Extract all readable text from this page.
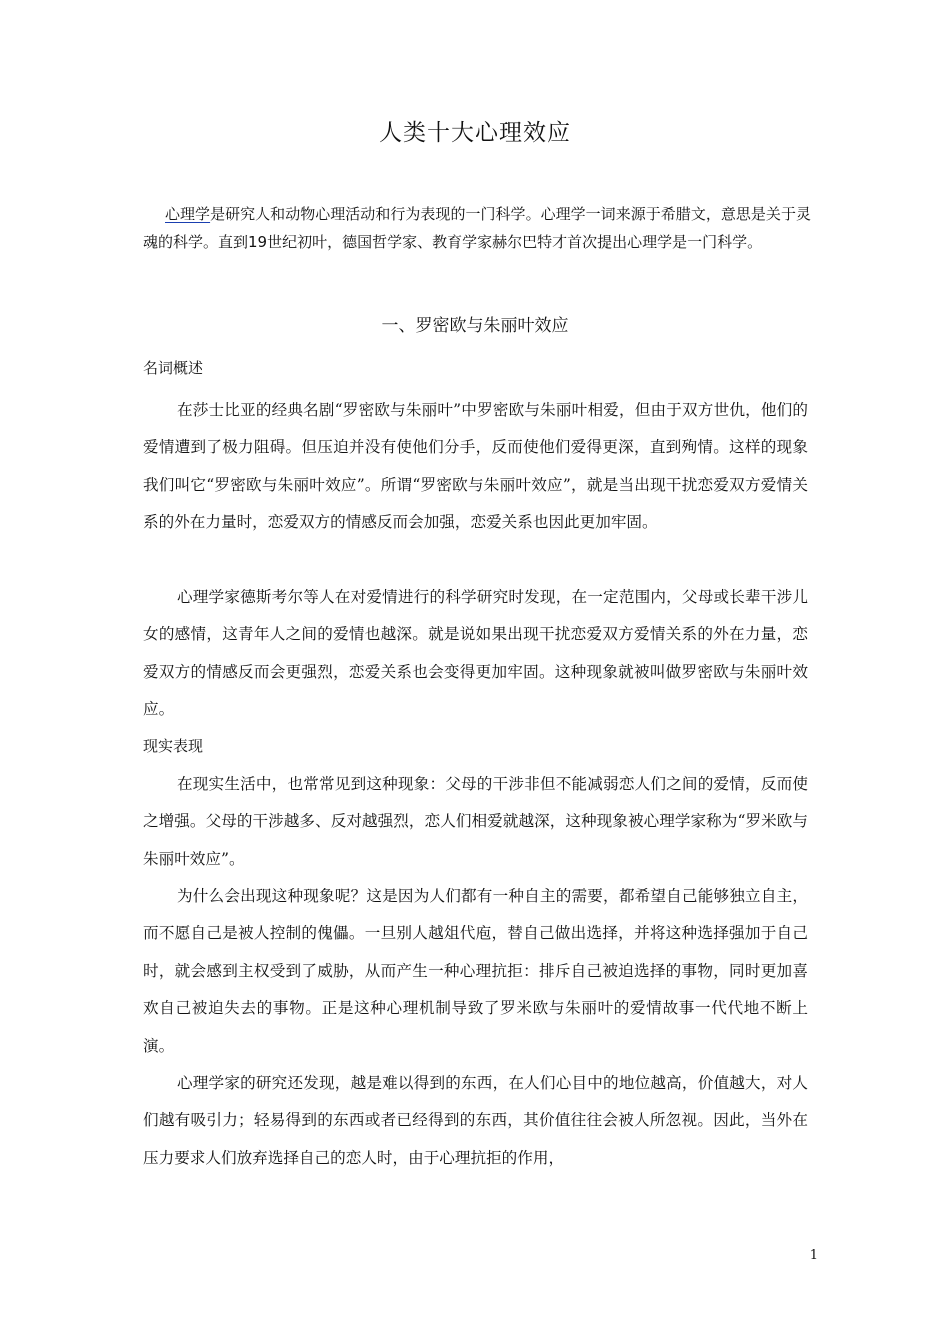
人类十大心理效应
心理学是研究人和动物心理活动和行为表现的一门科学。心理学一词来源于希腊文，意思是关于灵魂的科学。直到19世纪初叶，德国哲学家、教育学家赫尔巴特才首次提出心理学是一门科学。
一、罗密欧与朱丽叶效应
名词概述
在莎士比亚的经典名剧“罗密欧与朱丽叶”中罗密欧与朱丽叶相爱，但由于双方世仇，他们的爱情遭到了极力阻碍。但压迫并没有使他们分手，反而使他们爱得更深，直到殉情。这样的现象我们叫它“罗密欧与朱丽叶效应”。所谓“罗密欧与朱丽叶效应”，就是当出现干扰恋爱双方爱情关系的外在力量时，恋爱双方的情感反而会加强，恋爱关系也因此更加牢固。
心理学家德斯考尔等人在对爱情进行的科学研究时发现，在一定范围内，父母或长辈干涉儿女的感情，这青年人之间的爱情也越深。就是说如果出现干扰恋爱双方爱情关系的外在力量，恋爱双方的情感反而会更强烈，恋爱关系也会变得更加牢固。这种现象就被叫做罗密欧与朱丽叶效应。
现实表现
在现实生活中，也常常见到这种现象：父母的干涉非但不能减弱恋人们之间的爱情，反而使之增强。父母的干涉越多、反对越强烈，恋人们相爱就越深，这种现象被心理学家称为“罗米欧与朱丽叶效应”。
为什么会出现这种现象呢？这是因为人们都有一种自主的需要，都希望自己能够独立自主，而不愿自己是被人控制的傀儡。一旦别人越俎代庖，替自己做出选择，并将这种选择强加于自己时，就会感到主权受到了威胁，从而产生一种心理抗拒：排斥自己被迫选择的事物，同时更加喜欢自己被迫失去的事物。正是这种心理机制导致了罗米欧与朱丽叶的爱情故事一代代地不断上演。
心理学家的研究还发现，越是难以得到的东西，在人们心目中的地位越高，价值越大，对人们越有吸引力；轻易得到的东西或者已经得到的东西，其价值往往会被人所忽视。因此，当外在压力要求人们放弃选择自己的恋人时，由于心理抗拒的作用，
1
